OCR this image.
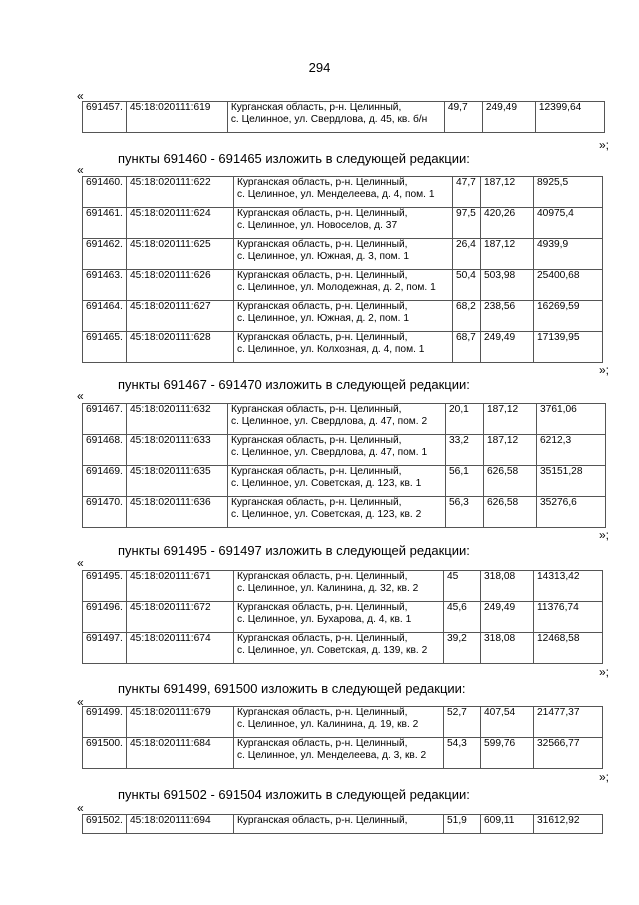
294
«
691457.	45:18:020111:619	Курганская область, р-н. Целинный,
с. Целинное, ул. Свердлова, д. 45, кв. б/н
	49,7	249,49	12399,64
»;
пункты 691460 - 691465 изложить в следующей редакции:
«
691460.	45:18:020111:622	Курганская область, р-н. Целинный,
с. Целинное, ул. Менделеева, д. 4, пом. 1	47,7	187,12	8925,5
691461.	45:18:020111:624	Курганская область, р-н. Целинный,
с. Целинное, ул. Новоселов, д. 37	97,5	420,26	40975,4
691462.	45:18:020111:625	Курганская область, р-н. Целинный,
с. Целинное, ул. Южная, д. 3, пом. 1	26,4	187,12	4939,9
691463.	45:18:020111:626	Курганская область, р-н. Целинный,
с. Целинное, ул. Молодежная, д. 2, пом. 1	50,4	503,98	25400,68
691464.	45:18:020111:627	Курганская область, р-н. Целинный,
с. Целинное, ул. Южная, д. 2, пом. 1	68,2	238,56	16269,59
691465.	45:18:020111:628	Курганская область, р-н. Целинный,
с. Целинное, ул. Колхозная, д. 4, пом. 1	68,7	249,49	17139,95
»;
пункты 691467 - 691470 изложить в следующей редакции:
«
691467.	45:18:020111:632	Курганская область, р-н. Целинный,
с. Целинное, ул. Свердлова, д. 47, пом. 2	20,1	187,12	3761,06
691468.	45:18:020111:633	Курганская область, р-н. Целинный,
с. Целинное, ул. Свердлова, д. 47, пом. 1	33,2	187,12	6212,3
691469.	45:18:020111:635	Курганская область, р-н. Целинный,
с. Целинное, ул. Советская, д. 123, кв. 1	56,1	626,58	35151,28
691470.	45:18:020111:636	Курганская область, р-н. Целинный,
с. Целинное, ул. Советская, д. 123, кв. 2	56,3	626,58	35276,6
»;
пункты 691495 - 691497 изложить в следующей редакции:
«
691495.	45:18:020111:671	Курганская область, р-н. Целинный,
с. Целинное, ул. Калинина, д. 32, кв. 2	45	318,08	14313,42
691496.	45:18:020111:672	Курганская область, р-н. Целинный,
с. Целинное, ул. Бухарова, д. 4, кв. 1	45,6	249,49	11376,74
691497.	45:18:020111:674	Курганская область, р-н. Целинный,
с. Целинное, ул. Советская, д. 139, кв. 2	39,2	318,08	12468,58
»;
пункты 691499, 691500 изложить в следующей редакции:
«
691499.	45:18:020111:679	Курганская область, р-н. Целинный,
с. Целинное, ул. Калинина, д. 19, кв. 2	52,7	407,54	21477,37
691500.	45:18:020111:684	Курганская область, р-н. Целинный,
с. Целинное, ул. Менделеева, д. 3, кв. 2	54,3	599,76	32566,77
»;
пункты 691502 - 691504 изложить в следующей редакции:
«
691502.	45:18:020111:694	Курганская область, р-н. Целинный,	51,9	609,11	31612,92
